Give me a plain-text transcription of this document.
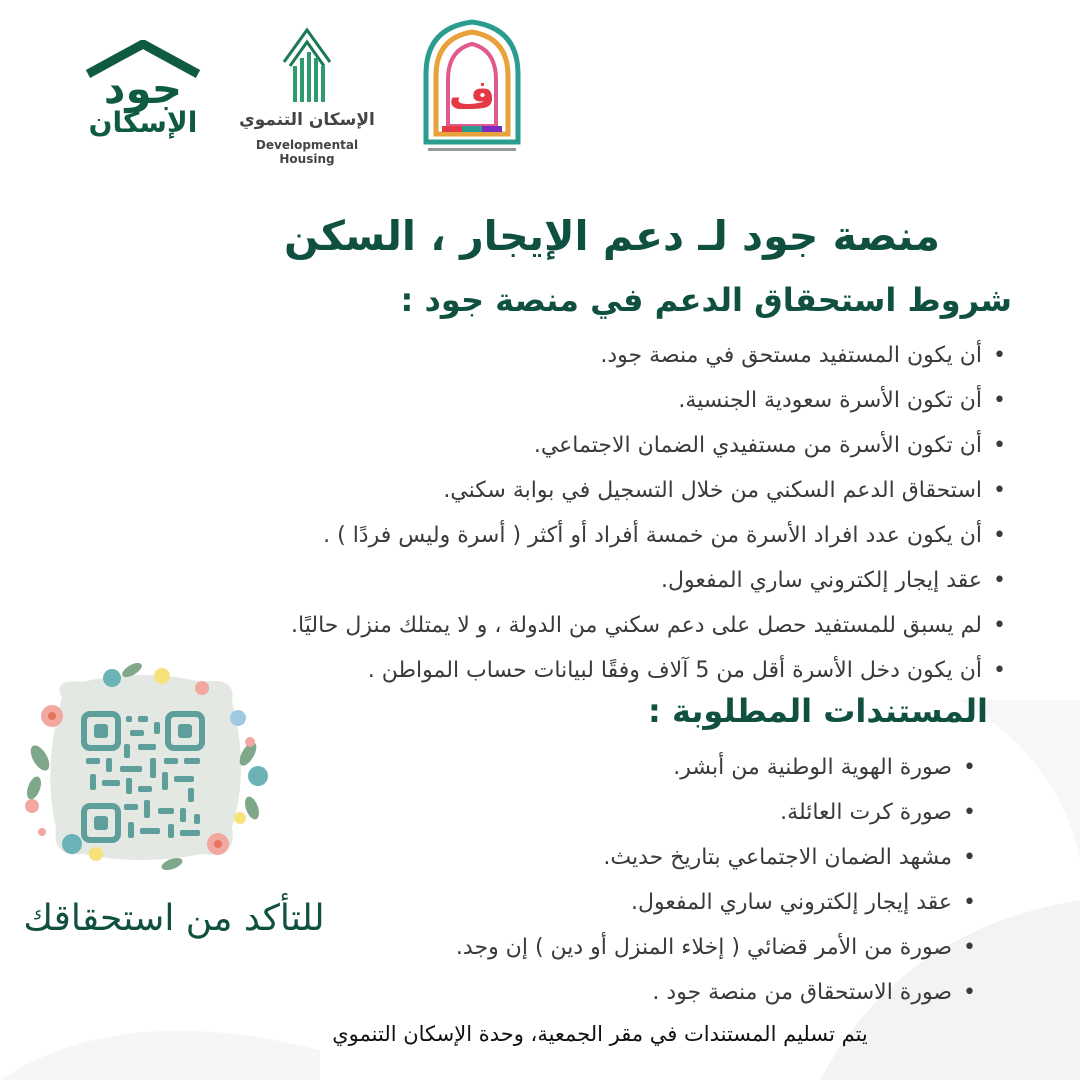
جود
الإسكان	الإسكان التنموي
Developmental Housing
ف
منصة جود لـ دعم الإيجار ، السكن
شروط استحقاق الدعم في منصة جود :
• أن يكون المستفيد مستحق في منصة جود.
• أن تكون الأسرة سعودية الجنسية.
• أن تكون الأسرة من مستفيدي الضمان الاجتماعي.
• استحقاق الدعم السكني من خلال التسجيل في بوابة سكني.
• أن يكون عدد افراد الأسرة من خمسة أفراد أو أكثر ( أسرة وليس فردًا ) .
• عقد إيجار إلكتروني ساري المفعول.
• لم يسبق للمستفيد حصل على دعم سكني من الدولة ، و لا يمتلك منزل حاليًا.
• أن يكون دخل الأسرة أقل من 5 آلاف وفقًا لبيانات حساب المواطن .
المستندات المطلوبة :
• صورة الهوية الوطنية من أبشر.
• صورة كرت العائلة.
• مشهد الضمان الاجتماعي بتاريخ حديث.
• عقد إيجار إلكتروني ساري المفعول.
• صورة من الأمر قضائي ( إخلاء المنزل أو دين ) إن وجد.
• صورة الاستحقاق من منصة جود .
للتأكد من استحقاقك
يتم تسليم المستندات في مقر الجمعية، وحدة الإسكان التنموي
